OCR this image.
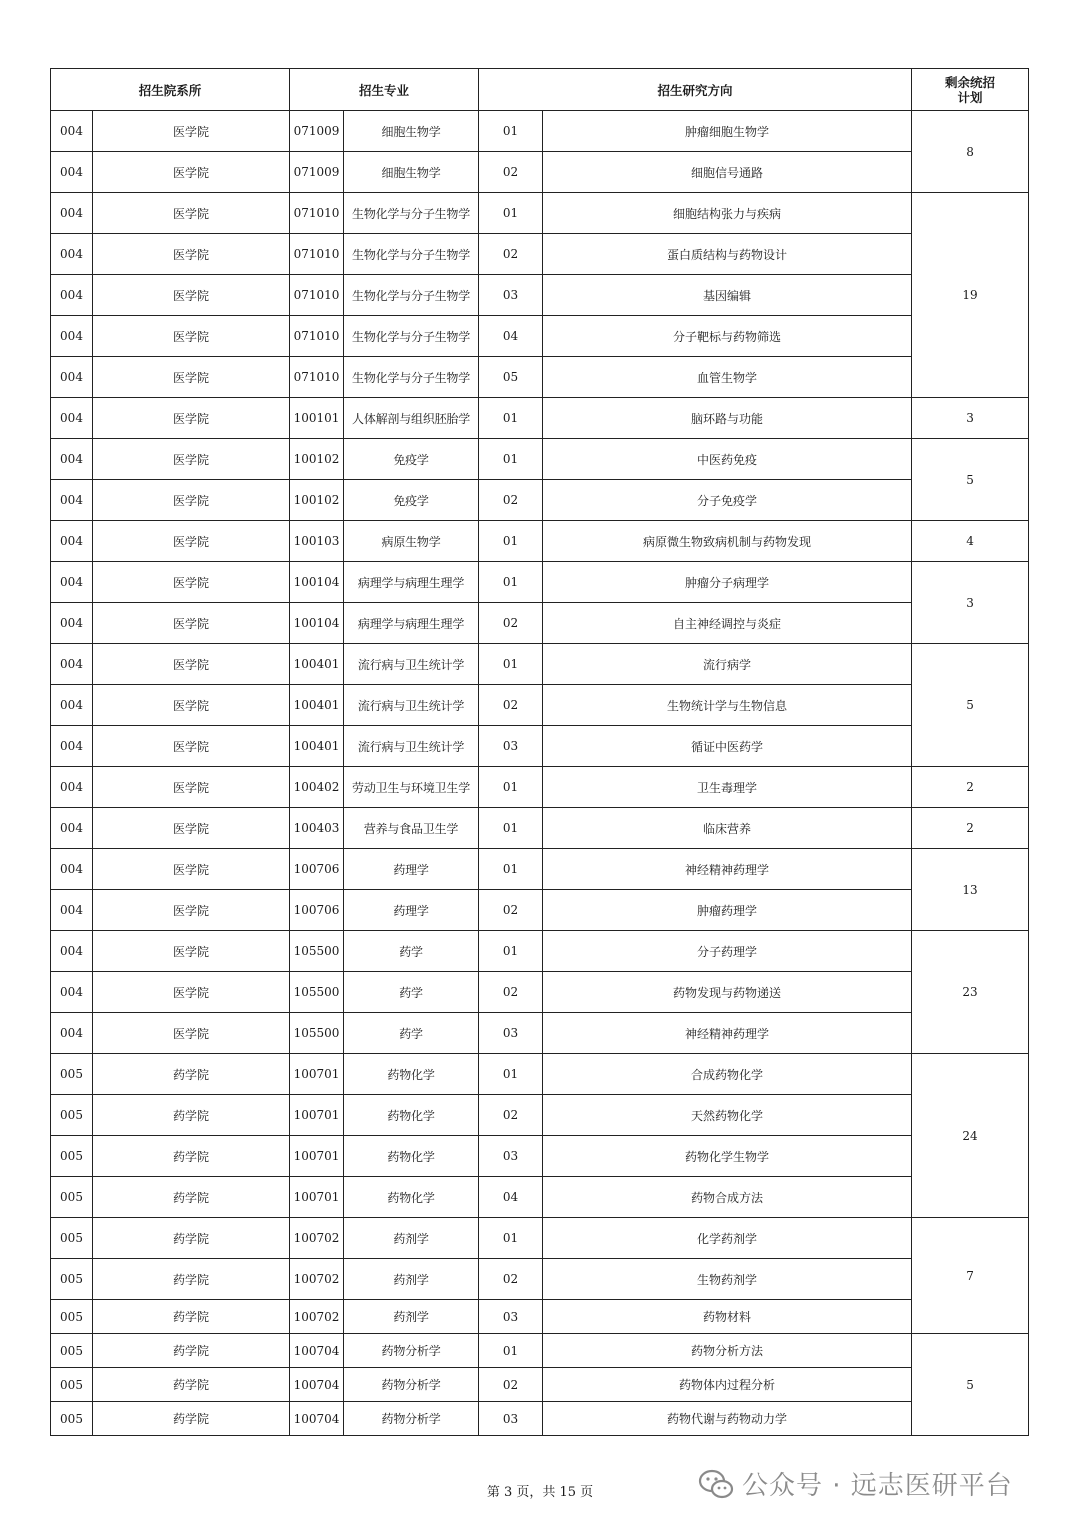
招生院系所		招生专业		招生研究方向		剩余统招
计划

004	医学院	071009	细胞生物学	01	肿瘤细胞生物学	8
004	医学院	071009	细胞生物学	02	细胞信号通路	
004	医学院	071010	生物化学与分子生物学	01	细胞结构张力与疾病	19
004	医学院	071010	生物化学与分子生物学	02	蛋白质结构与药物设计	
004	医学院	071010	生物化学与分子生物学	03	基因编辑	
004	医学院	071010	生物化学与分子生物学	04	分子靶标与药物筛选	
004	医学院	071010	生物化学与分子生物学	05	血管生物学	
004	医学院	100101	人体解剖与组织胚胎学	01	脑环路与功能	3
004	医学院	100102	免疫学	01	中医药免疫	5
004	医学院	100102	免疫学	02	分子免疫学	
004	医学院	100103	病原生物学	01	病原微生物致病机制与药物发现	4
004	医学院	100104	病理学与病理生理学	01	肿瘤分子病理学	3
004	医学院	100104	病理学与病理生理学	02	自主神经调控与炎症	
004	医学院	100401	流行病与卫生统计学	01	流行病学	5
004	医学院	100401	流行病与卫生统计学	02	生物统计学与生物信息	
004	医学院	100401	流行病与卫生统计学	03	循证中医药学	
004	医学院	100402	劳动卫生与环境卫生学	01	卫生毒理学	2
004	医学院	100403	营养与食品卫生学	01	临床营养	2
004	医学院	100706	药理学	01	神经精神药理学	13
004	医学院	100706	药理学	02	肿瘤药理学	
004	医学院	105500	药学	01	分子药理学	23
004	医学院	105500	药学	02	药物发现与药物递送	
004	医学院	105500	药学	03	神经精神药理学	
005	药学院	100701	药物化学	01	合成药物化学	24
005	药学院	100701	药物化学	02	天然药物化学	
005	药学院	100701	药物化学	03	药物化学生物学	
005	药学院	100701	药物化学	04	药物合成方法	
005	药学院	100702	药剂学	01	化学药剂学	7
005	药学院	100702	药剂学	02	生物药剂学	
005	药学院	100702	药剂学	03	药物材料	
005	药学院	100704	药物分析学	01	药物分析方法	5
005	药学院	100704	药物分析学	02	药物体内过程分析	
005	药学院	100704	药物分析学	03	药物代谢与药物动力学	
第 3 页，共 15 页	公众号 · 远志医研平台
